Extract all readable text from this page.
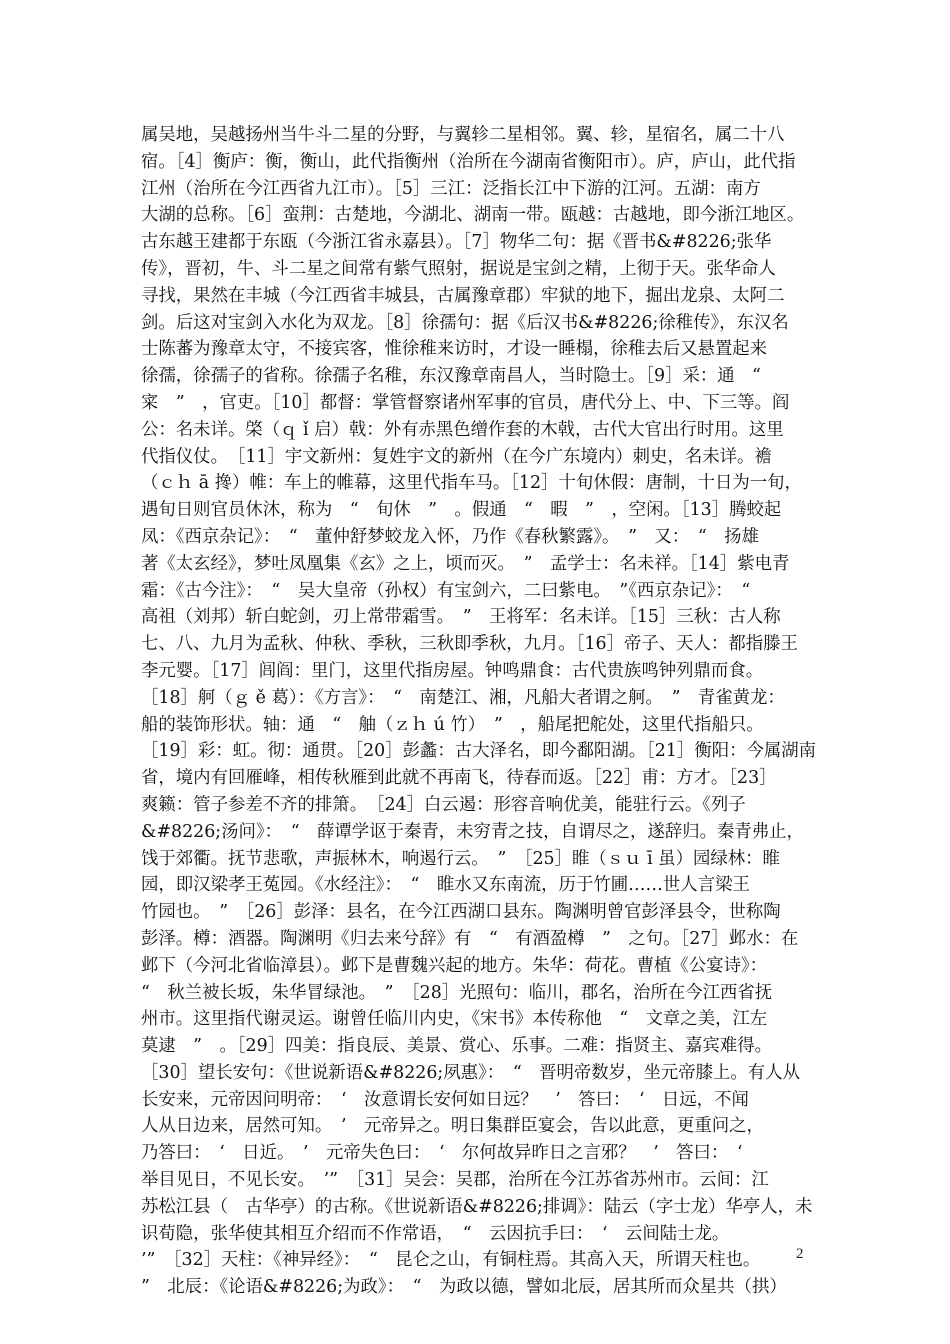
属吴地，吴越扬州当牛斗二星的分野，与翼轸二星相邻。翼、轸，星宿名，属二十八
宿。［4］衡庐：衡，衡山，此代指衡州（治所在今湖南省衡阳市）。庐，庐山，此代指
江州（治所在今江西省九江市）。［5］三江：泛指长江中下游的江河。五湖：南方
大湖的总称。［6］蛮荆：古楚地，今湖北、湖南一带。瓯越：古越地，即今浙江地区。
古东越王建都于东瓯（今浙江省永嘉县）。［7］物华二句：据《晋书&#8226;张华
传》，晋初，牛、斗二星之间常有紫气照射，据说是宝剑之精，上彻于天。张华命人
寻找，果然在丰城（今江西省丰城县，古属豫章郡）牢狱的地下，掘出龙泉、太阿二
剑。后这对宝剑入水化为双龙。［8］徐孺句：据《后汉书&#8226;徐稚传》，东汉名
士陈蕃为豫章太守，不接宾客，惟徐稚来访时，才设一睡榻，徐稚去后又悬置起来
徐孺，徐孺子的省称。徐孺子名稚，东汉豫章南昌人，当时隐士。［9］采：通　“
寀　”　，官吏。［10］都督：掌管督察诸州军事的官员，唐代分上、中、下三等。阎
公：名未详。棨（ｑ ǐ 启）戟：外有赤黑色缯作套的木戟，古代大官出行时用。这里
代指仪仗。　［11］宇文新州：复姓宇文的新州（在今广东境内）刺史，名未详。襜
（ｃｈ ā 搀）帷：车上的帷幕，这里代指车马。［12］十旬休假：唐制，十日为一旬，
遇旬日则官员休沐，称为　“　旬休　”　。假通　“　暇　”　，空闲。［13］腾蛟起
凤：《西京杂记》：　“　董仲舒梦蛟龙入怀，乃作《春秋繁露》。　”　又：　“　扬雄
著《太玄经》，梦吐凤凰集《玄》之上，顷而灭。　”　孟学士：名未祥。［14］紫电青
霜：《古今注》：　“　吴大皇帝（孙权）有宝剑六，二曰紫电。　”《西京杂记》：　“
高祖（刘邦）斩白蛇剑，刃上常带霜雪。　”　王将军：名未详。［15］三秋：古人称
七、八、九月为孟秋、仲秋、季秋，三秋即季秋，九月。［16］帝子、天人：都指滕王
李元婴。［17］闾阎：里门，这里代指房屋。钟鸣鼎食：古代贵族鸣钟列鼎而食。
［18］舸（ｇ ě 葛）：《方言》：　“　南楚江、湘，凡船大者谓之舸。　”　青雀黄龙：
船的装饰形状。轴：通　“　舳（ｚｈ ú 竹）　”　，船尾把舵处，这里代指船只。
［19］彩：虹。彻：通贯。［20］彭蠡：古大泽名，即今鄱阳湖。［21］衡阳：今属湖南
省，境内有回雁峰，相传秋雁到此就不再南飞，待春而返。［22］甫：方才。［23］
爽籁：管子参差不齐的排箫。　［24］白云遏：形容音响优美，能驻行云。《列子
&#8226;汤问》：　“　薛谭学讴于秦青，未穷青之技，自谓尽之，遂辞归。秦青弗止，
饯于郊衢。抚节悲歌，声振林木，响遏行云。　”　［25］睢（ｓｕ ī 虽）园绿林：睢
园，即汉梁孝王菟园。《水经注》：　“　睢水又东南流，历于竹圃……世人言梁王
竹园也。　”　［26］彭泽：县名，在今江西湖口县东。陶渊明曾官彭泽县令，世称陶
彭泽。樽：酒器。陶渊明《归去来兮辞》有　“　有酒盈樽　”　之句。［27］邺水：在
邺下（今河北省临漳县）。邺下是曹魏兴起的地方。朱华：荷花。曹植《公宴诗》：
“　秋兰被长坂，朱华冒绿池。　”　［28］光照句：临川，郡名，治所在今江西省抚
州市。这里指代谢灵运。谢曾任临川内史，《宋书》本传称他　“　文章之美，江左
莫逮　”　。［29］四美：指良辰、美景、赏心、乐事。二难：指贤主、嘉宾难得。
［30］望长安句：《世说新语&#8226;夙惠》：　“　晋明帝数岁，坐元帝膝上。有人从
长安来，元帝因问明帝：　‘　汝意谓长安何如日远？　’　答曰：　‘　日远，不闻
人从日边来，居然可知。　’　元帝异之。明日集群臣宴会，告以此意，更重问之，
乃答曰：　‘　日近。　’　元帝失色曰：　‘　尔何故异昨日之言邪？　’　答曰：　‘
举目见日，不见长安。　’”　［31］吴会：吴郡，治所在今江苏省苏州市。云间：江
苏松江县（　古华亭）的古称。《世说新语&#8226;排调》：陆云（字士龙）华亭人，未
识荀隐，张华使其相互介绍而不作常语，　“　云因抗手曰：　‘　云间陆士龙。
’”　［32］天柱：《神异经》：　“　昆仑之山，有铜柱焉。其高入天，所谓天柱也。
”　北辰：《论语&#8226;为政》：　“　为政以德，譬如北辰，居其所而众星共（拱）
2
